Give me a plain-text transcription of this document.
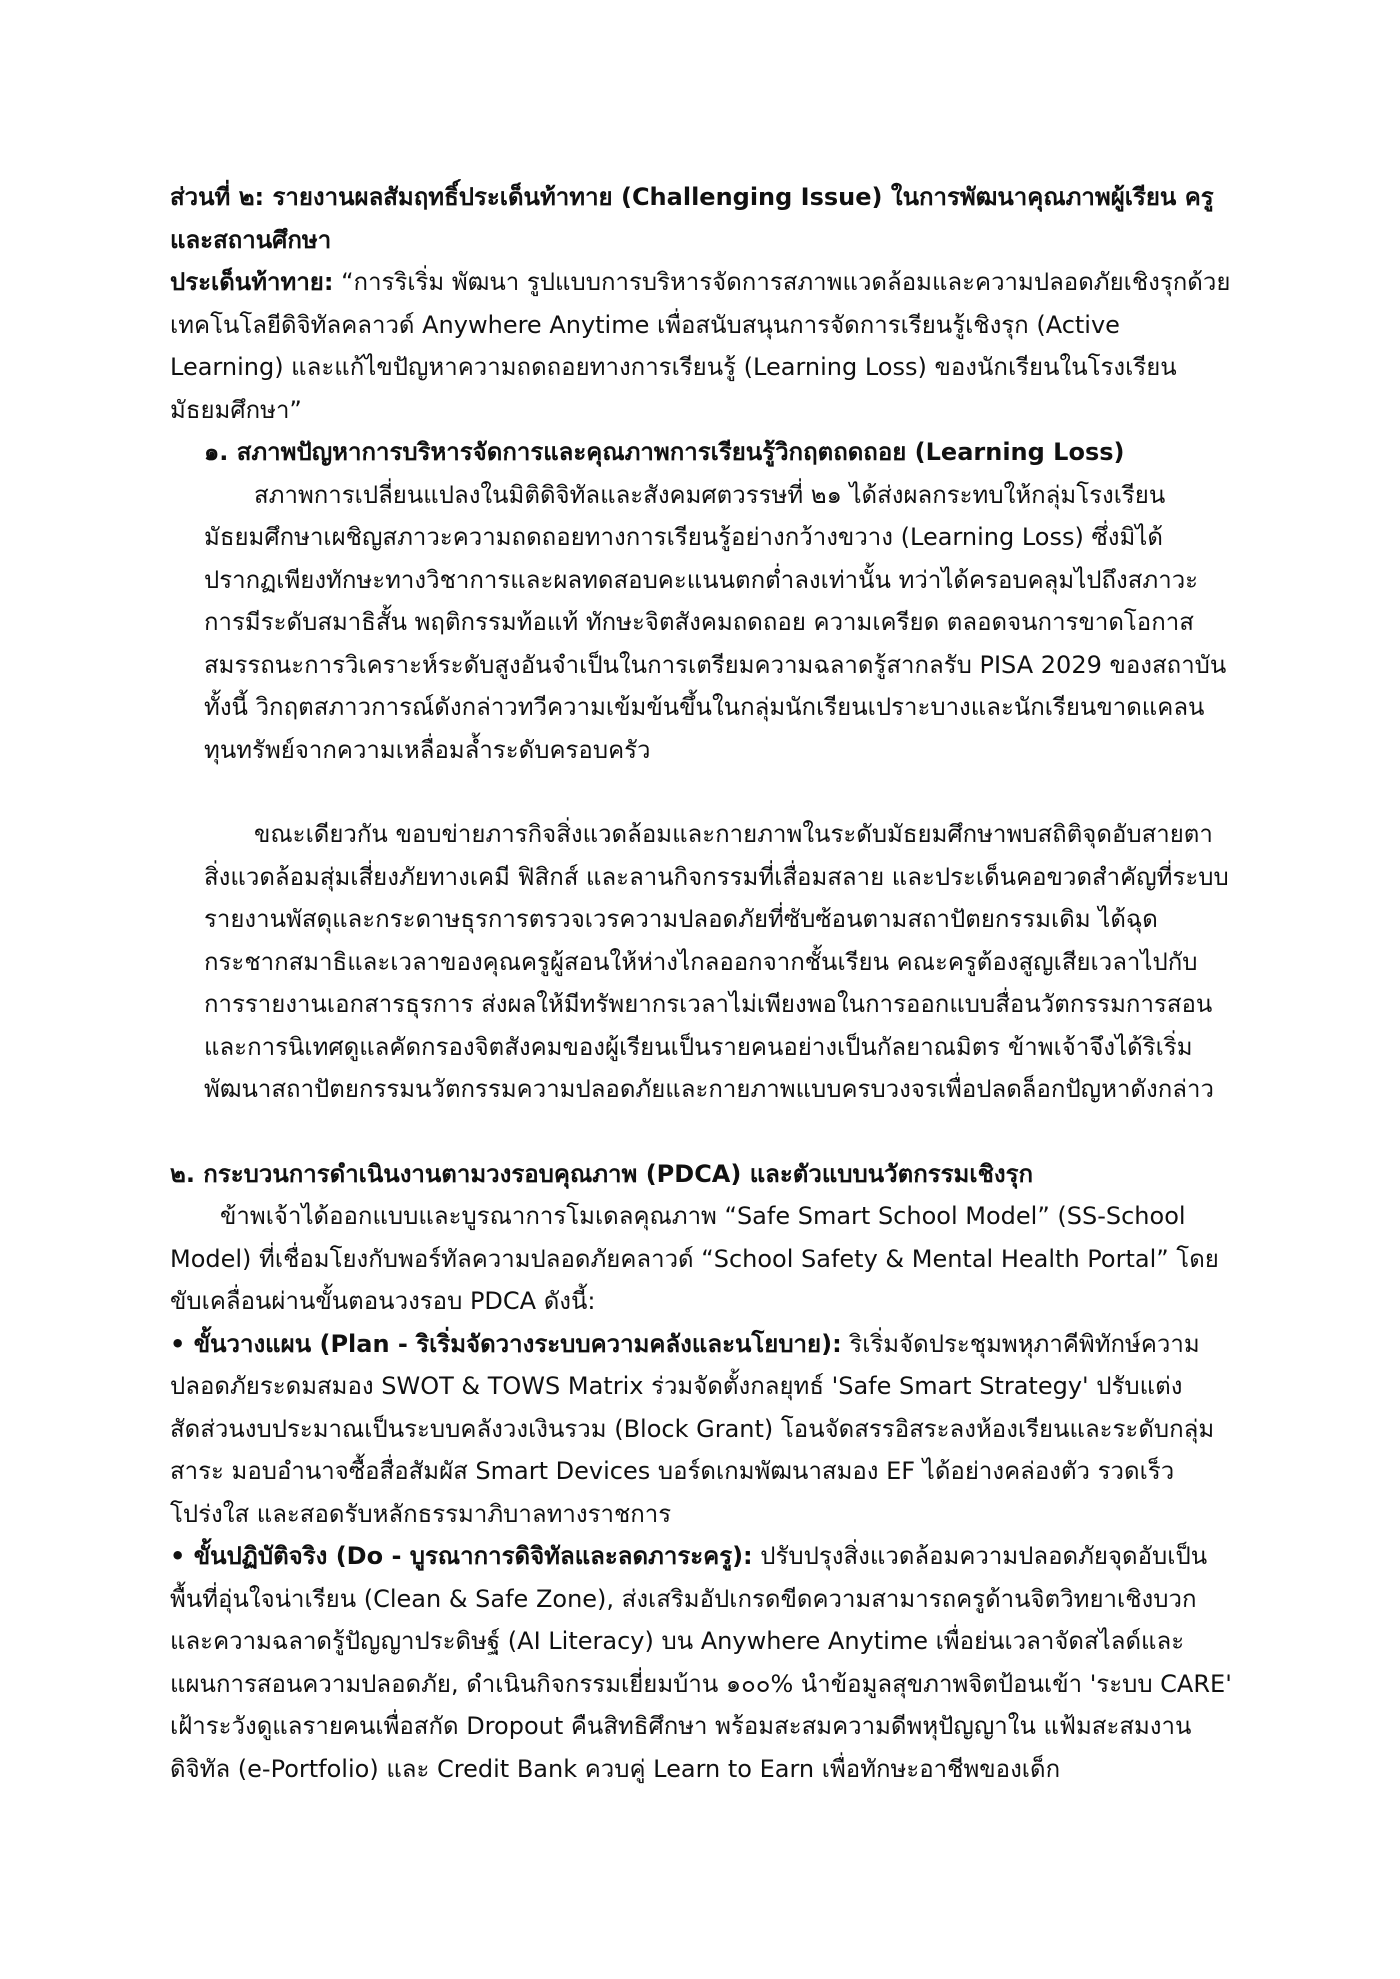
ส่วนที่ ๒: รายงานผลสัมฤทธิ์ประเด็นท้าทาย (Challenging Issue) ในการพัฒนาคุณภาพผู้เรียน ครู และสถานศึกษา

ประเด็นท้าทาย: “การริเริ่ม พัฒนา รูปแบบการบริหารจัดการสภาพแวดล้อมและความปลอดภัยเชิงรุกด้วยเทคโนโลยีดิจิทัลคลาวด์ Anywhere Anytime เพื่อสนับสนุนการจัดการเรียนรู้เชิงรุก (Active Learning) และแก้ไขปัญหาความถดถอยทางการเรียนรู้ (Learning Loss) ของนักเรียนในโรงเรียนมัธยมศึกษา”

๑. สภาพปัญหาการบริหารจัดการและคุณภาพการเรียนรู้วิกฤตถดถอย (Learning Loss)

สภาพการเปลี่ยนแปลงในมิติดิจิทัลและสังคมศตวรรษที่ ๒๑ ได้ส่งผลกระทบให้กลุ่มโรงเรียนมัธยมศึกษาเผชิญสภาวะความถดถอยทางการเรียนรู้อย่างกว้างขวาง (Learning Loss) ซึ่งมิได้ปรากฏเพียงทักษะทางวิชาการและผลทดสอบคะแนนตกต่ำลงเท่านั้น ทว่าได้ครอบคลุมไปถึงสภาวะการมีระดับสมาธิสั้น พฤติกรรมท้อแท้ ทักษะจิตสังคมถดถอย ความเครียด ตลอดจนการขาดโอกาสสมรรถนะการวิเคราะห์ระดับสูงอันจำเป็นในการเตรียมความฉลาดรู้สากลรับ PISA 2029 ของสถาบัน ทั้งนี้ วิกฤตสภาวการณ์ดังกล่าวทวีความเข้มข้นขึ้นในกลุ่มนักเรียนเปราะบางและนักเรียนขาดแคลนทุนทรัพย์จากความเหลื่อมล้ำระดับครอบครัว

ขณะเดียวกัน ขอบข่ายภารกิจสิ่งแวดล้อมและกายภาพในระดับมัธยมศึกษาพบสถิติจุดอับสายตาสิ่งแวดล้อมสุ่มเสี่ยงภัยทางเคมี ฟิสิกส์ และลานกิจกรรมที่เสื่อมสลาย และประเด็นคอขวดสำคัญที่ระบบรายงานพัสดุและกระดาษธุรการตรวจเวรความปลอดภัยที่ซับซ้อนตามสถาปัตยกรรมเดิม ได้ฉุดกระชากสมาธิและเวลาของคุณครูผู้สอนให้ห่างไกลออกจากชั้นเรียน คณะครูต้องสูญเสียเวลาไปกับการรายงานเอกสารธุรการ ส่งผลให้มีทรัพยากรเวลาไม่เพียงพอในการออกแบบสื่อนวัตกรรมการสอน และการนิเทศดูแลคัดกรองจิตสังคมของผู้เรียนเป็นรายคนอย่างเป็นกัลยาณมิตร ข้าพเจ้าจึงได้ริเริ่มพัฒนาสถาปัตยกรรมนวัตกรรมความปลอดภัยและกายภาพแบบครบวงจรเพื่อปลดล็อกปัญหาดังกล่าว

๒. กระบวนการดำเนินงานตามวงรอบคุณภาพ (PDCA) และตัวแบบนวัตกรรมเชิงรุก

ข้าพเจ้าได้ออกแบบและบูรณาการโมเดลคุณภาพ “Safe Smart School Model” (SS-School Model) ที่เชื่อมโยงกับพอร์ทัลความปลอดภัยคลาวด์ “School Safety & Mental Health Portal” โดยขับเคลื่อนผ่านขั้นตอนวงรอบ PDCA ดังนี้:

• ขั้นวางแผน (Plan - ริเริ่มจัดวางระบบความคลังและนโยบาย): ริเริ่มจัดประชุมพหุภาคีพิทักษ์ความปลอดภัยระดมสมอง SWOT & TOWS Matrix ร่วมจัดตั้งกลยุทธ์ 'Safe Smart Strategy' ปรับแต่งสัดส่วนงบประมาณเป็นระบบคลังวงเงินรวม (Block Grant) โอนจัดสรรอิสระลงห้องเรียนและระดับกลุ่มสาระ มอบอำนาจซื้อสื่อสัมผัส Smart Devices บอร์ดเกมพัฒนาสมอง EF ได้อย่างคล่องตัว รวดเร็ว โปร่งใส และสอดรับหลักธรรมาภิบาลทางราชการ

• ขั้นปฏิบัติจริง (Do - บูรณาการดิจิทัลและลดภาระครู): ปรับปรุงสิ่งแวดล้อมความปลอดภัยจุดอับเป็นพื้นที่อุ่นใจน่าเรียน (Clean & Safe Zone), ส่งเสริมอัปเกรดขีดความสามารถครูด้านจิตวิทยาเชิงบวกและความฉลาดรู้ปัญญาประดิษฐ์ (AI Literacy) บน Anywhere Anytime เพื่อย่นเวลาจัดสไลด์และแผนการสอนความปลอดภัย, ดำเนินกิจกรรมเยี่ยมบ้าน ๑๐๐% นำข้อมูลสุขภาพจิตป้อนเข้า 'ระบบ CARE' เฝ้าระวังดูแลรายคนเพื่อสกัด Dropout คืนสิทธิศึกษา พร้อมสะสมความดีพหุปัญญาใน แฟ้มสะสมงานดิจิทัล (e-Portfolio) และ Credit Bank ควบคู่ Learn to Earn เพื่อทักษะอาชีพของเด็ก
